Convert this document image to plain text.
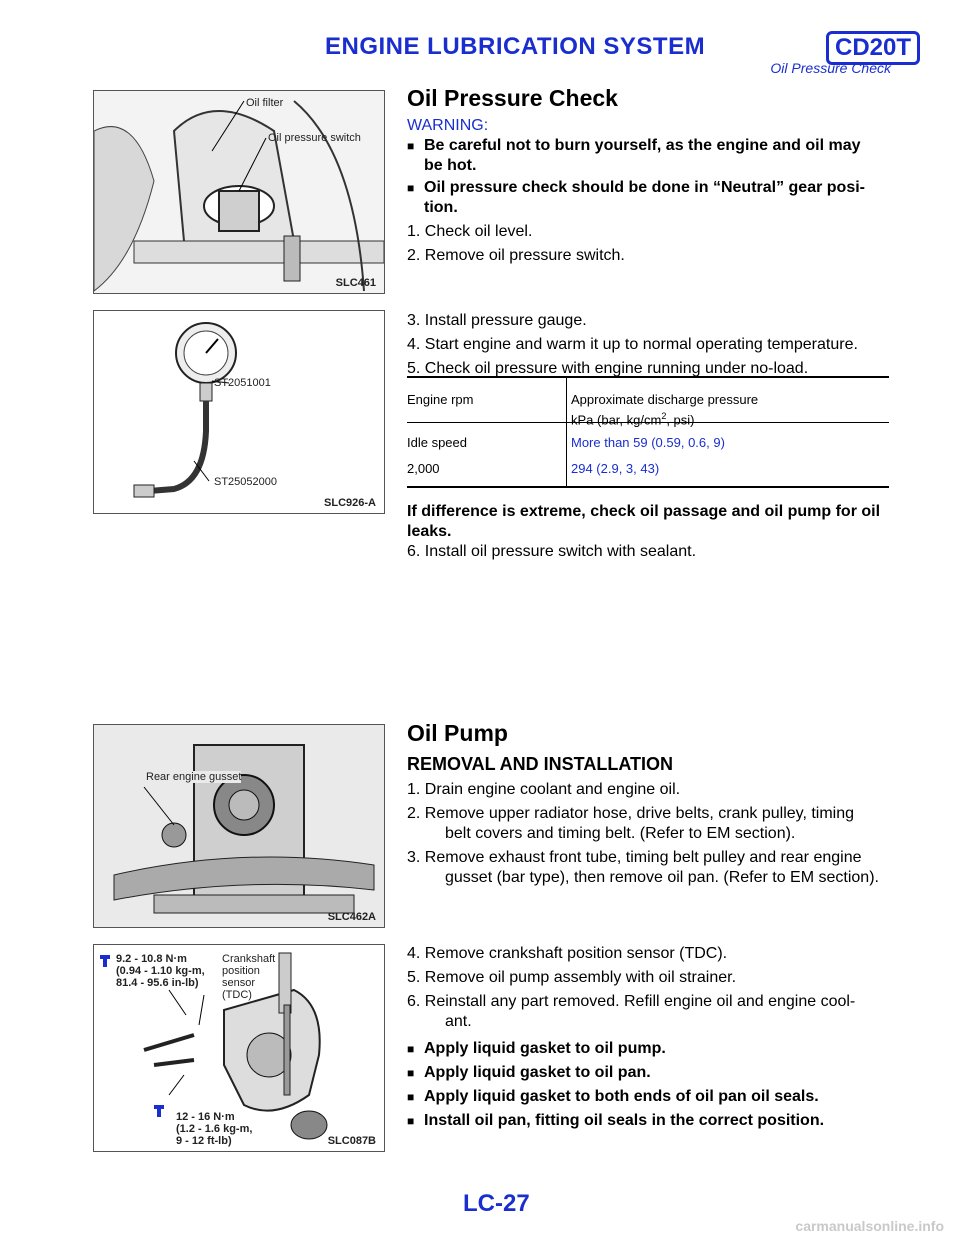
ENGINE LUBRICATION SYSTEM	CD20T
Oil Pressure Check
Oil filter
Oil pressure switch
SLC461
ST2051001
ST25052000
SLC926-A
Rear engine gusset
SLC462A
9.2 - 10.8 N·m
(0.94 - 1.10 kg-m,
81.4 - 95.6 in-lb)
Crankshaft
position
sensor
(TDC)
12 - 16 N·m
(1.2 - 1.6 kg-m,
9 - 12 ft-lb)	SLC087B
Oil Pressure Check
WARNING:
■ Be careful not to burn yourself, as the engine and oil may
be hot.
■ Oil pressure check should be done in “Neutral” gear posi-
tion.
1. Check oil level.
2. Remove oil pressure switch.
3. Install pressure gauge.
4. Start engine and warm it up to normal operating temperature.
5. Check oil pressure with engine running under no-load.
Engine rpm	Approximate discharge pressure
kPa (bar, $kg/cm^2$, psi)
Idle speed	More than 59 (0.59, 0.6, 9)
2,000	294 (2.9, 3, 43)
If difference is extreme, check oil passage and oil pump for oil
leaks.
6. Install oil pressure switch with sealant.
Oil Pump
REMOVAL AND INSTALLATION
1. Drain engine coolant and engine oil.
2. Remove upper radiator hose, drive belts, crank pulley, timing
belt covers and timing belt. (Refer to EM section).
3. Remove exhaust front tube, timing belt pulley and rear engine
gusset (bar type), then remove oil pan. (Refer to EM section).
4. Remove crankshaft position sensor (TDC).
5. Remove oil pump assembly with oil strainer.
6. Reinstall any part removed. Refill engine oil and engine cool-
ant.
■ Apply liquid gasket to oil pump.
■ Apply liquid gasket to oil pan.
■ Apply liquid gasket to both ends of oil pan oil seals.
■ Install oil pan, fitting oil seals in the correct position.
LC-27
carmanualsonline.info
